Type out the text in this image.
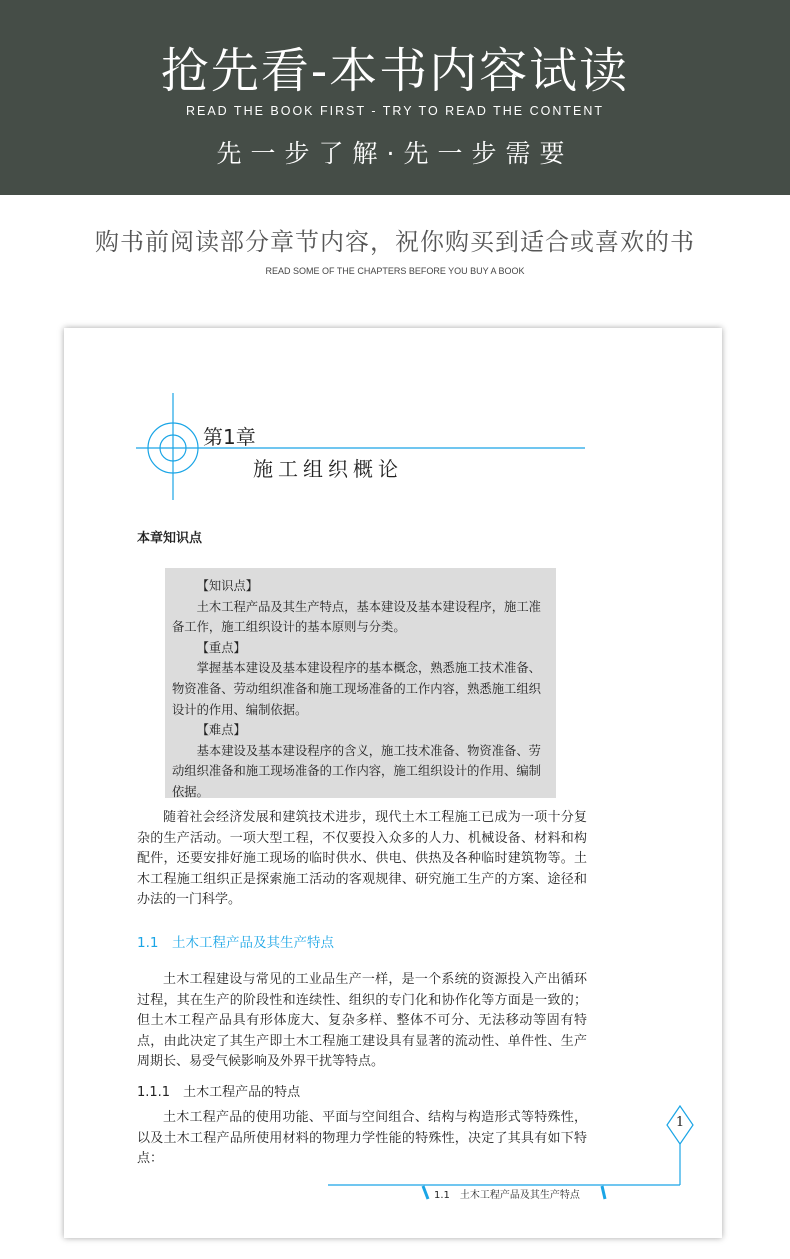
抢先看-本书内容试读
READ THE BOOK FIRST - TRY TO READ THE CONTENT
先一步了解·先一步需要
购书前阅读部分章节内容，祝你购买到适合或喜欢的书
READ SOME OF THE CHAPTERS BEFORE YOU BUY A BOOK
第1章
施工组织概论
本章知识点
【知识点】
土木工程产品及其生产特点，基本建设及基本建设程序，施工准备工作，施工组织设计的基本原则与分类。
【重点】
掌握基本建设及基本建设程序的基本概念，熟悉施工技术准备、物资准备、劳动组织准备和施工现场准备的工作内容，熟悉施工组织设计的作用、编制依据。
【难点】
基本建设及基本建设程序的含义，施工技术准备、物资准备、劳动组织准备和施工现场准备的工作内容，施工组织设计的作用、编制依据。
随着社会经济发展和建筑技术进步，现代土木工程施工已成为一项十分复杂的生产活动。一项大型工程，不仅要投入众多的人力、机械设备、材料和构配件，还要安排好施工现场的临时供水、供电、供热及各种临时建筑物等。土木工程施工组织正是探索施工活动的客观规律、研究施工生产的方案、途径和办法的一门科学。
1.1　土木工程产品及其生产特点
土木工程建设与常见的工业品生产一样，是一个系统的资源投入产出循环过程，其在生产的阶段性和连续性、组织的专门化和协作化等方面是一致的；但土木工程产品具有形体庞大、复杂多样、整体不可分、无法移动等固有特点，由此决定了其生产即土木工程施工建设具有显著的流动性、单件性、生产周期长、易受气候影响及外界干扰等特点。
1.1.1　土木工程产品的特点
土木工程产品的使用功能、平面与空间组合、结构与构造形式等特殊性，以及土木工程产品所使用材料的物理力学性能的特殊性，决定了其具有如下特点：
1
1.1　土木工程产品及其生产特点
